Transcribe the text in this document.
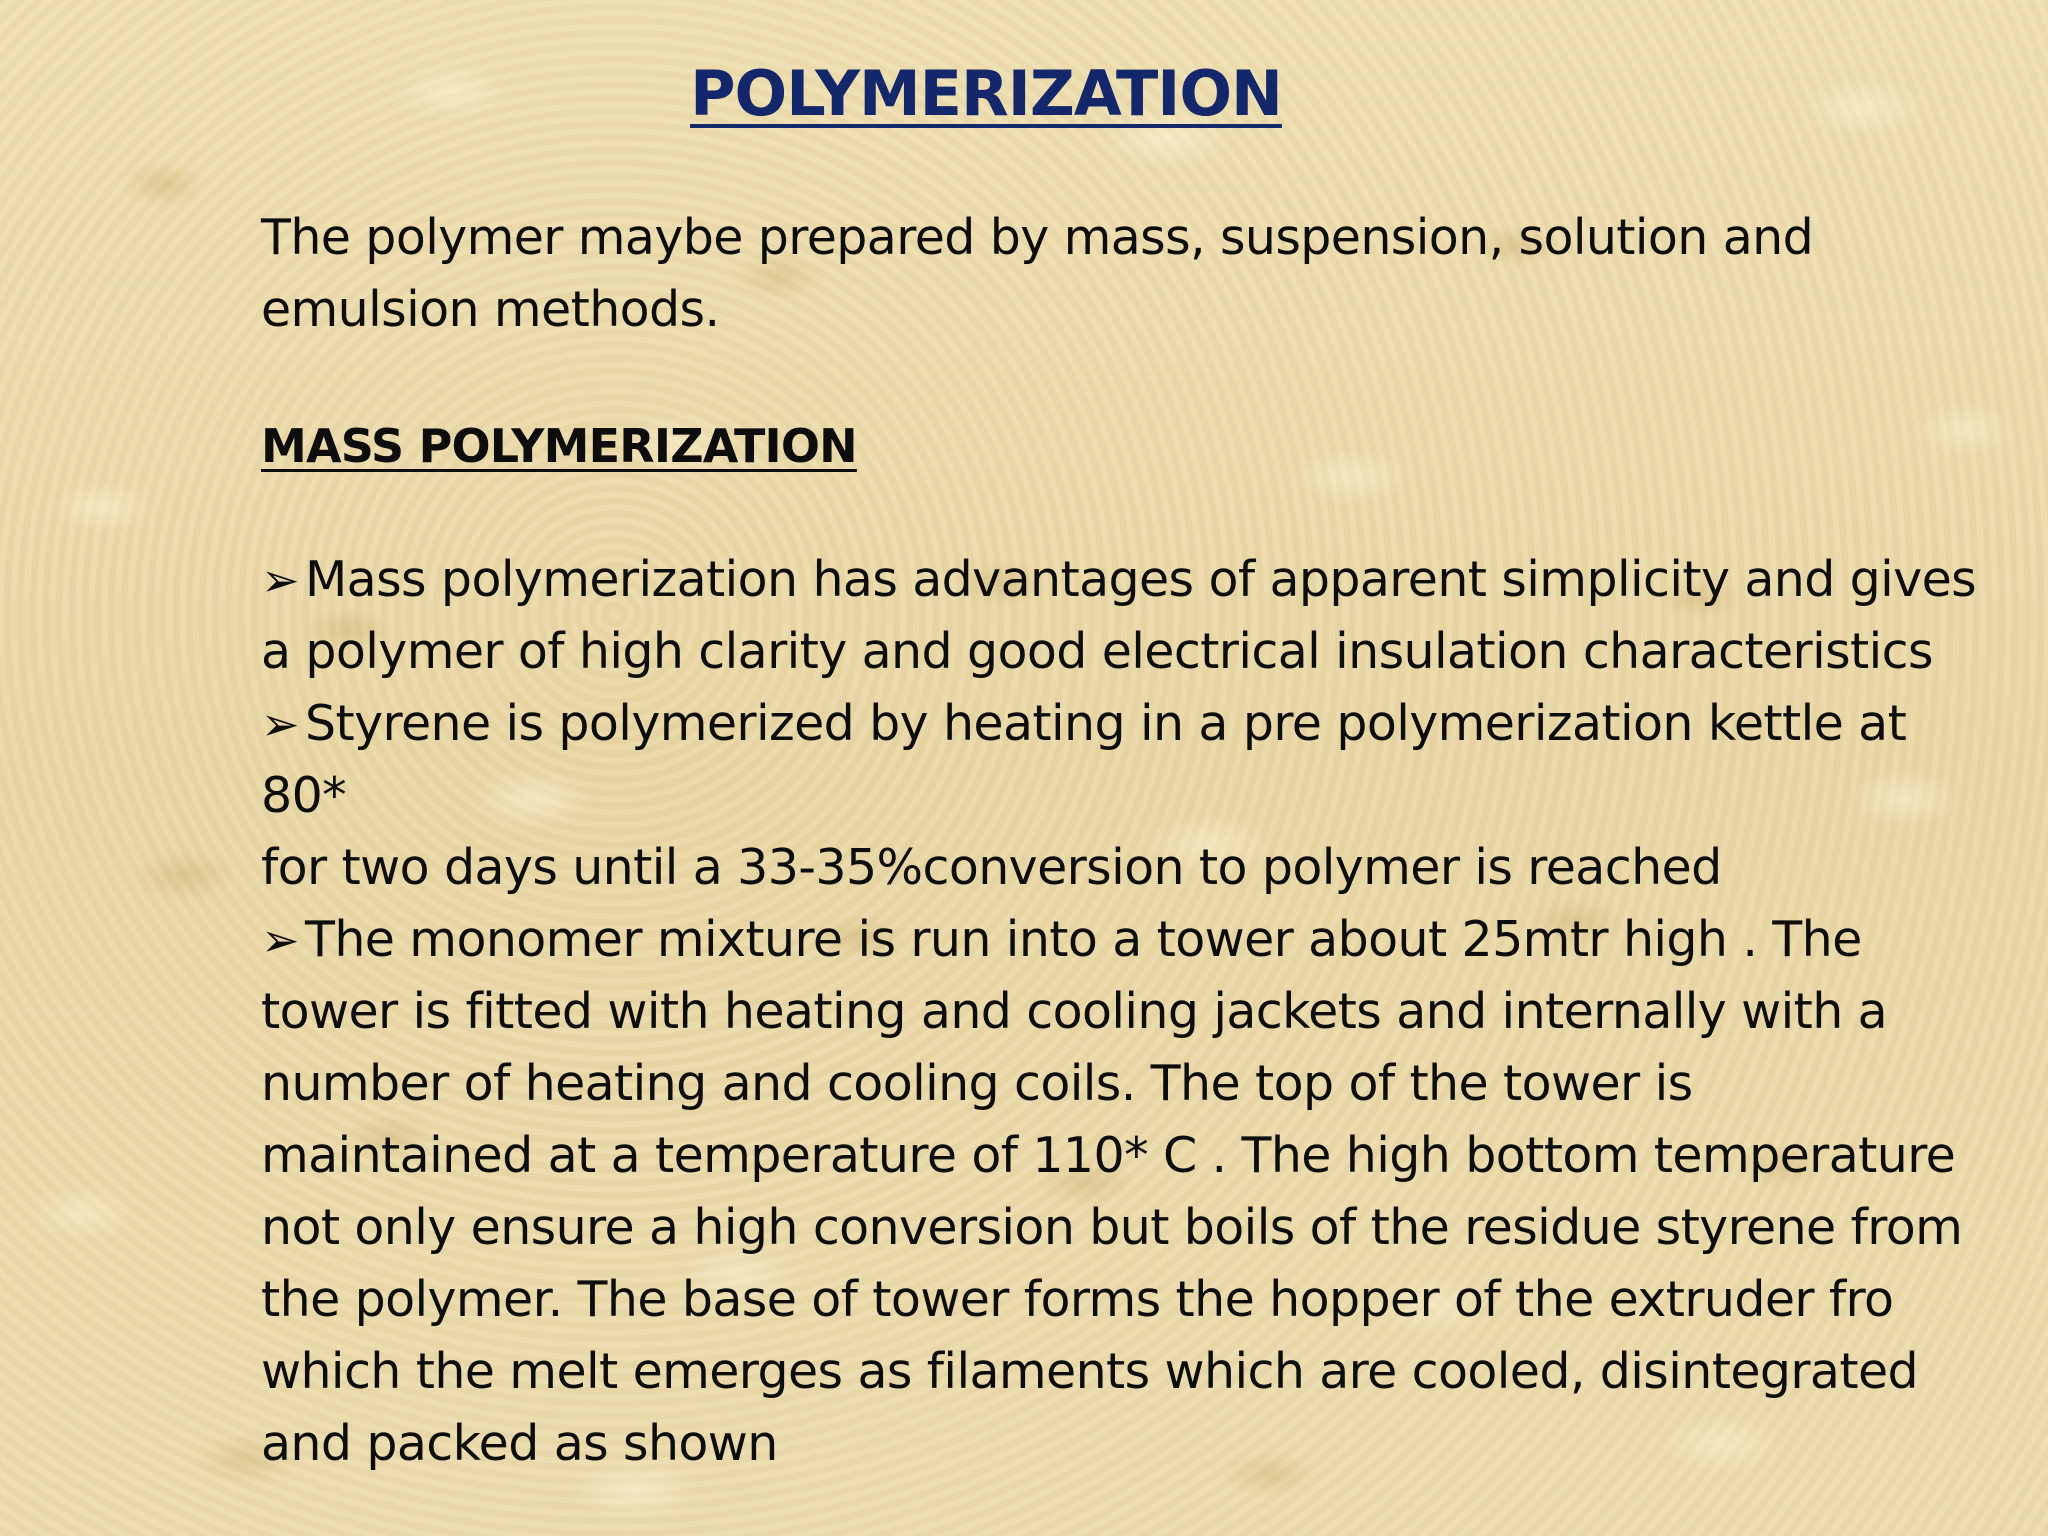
POLYMERIZATION

The polymer maybe prepared by mass, suspension, solution and
emulsion methods.

MASS POLYMERIZATION

➢ Mass polymerization has advantages of apparent simplicity and gives
a polymer of high clarity and good electrical insulation characteristics

➢ Styrene is polymerized by heating in a pre polymerization kettle at
80*
for two days until a 33-35%conversion to polymer is reached

➢ The monomer mixture is run into a tower about 25mtr high . The
tower is fitted with heating and cooling jackets and internally with a
number of heating and cooling coils. The top of the tower is
maintained at a temperature of 110* C . The high bottom temperature
not only ensure a high conversion but boils of the residue styrene from
the polymer. The base of tower forms the hopper of the extruder fro
which the melt emerges as filaments which are cooled, disintegrated
and packed as shown
